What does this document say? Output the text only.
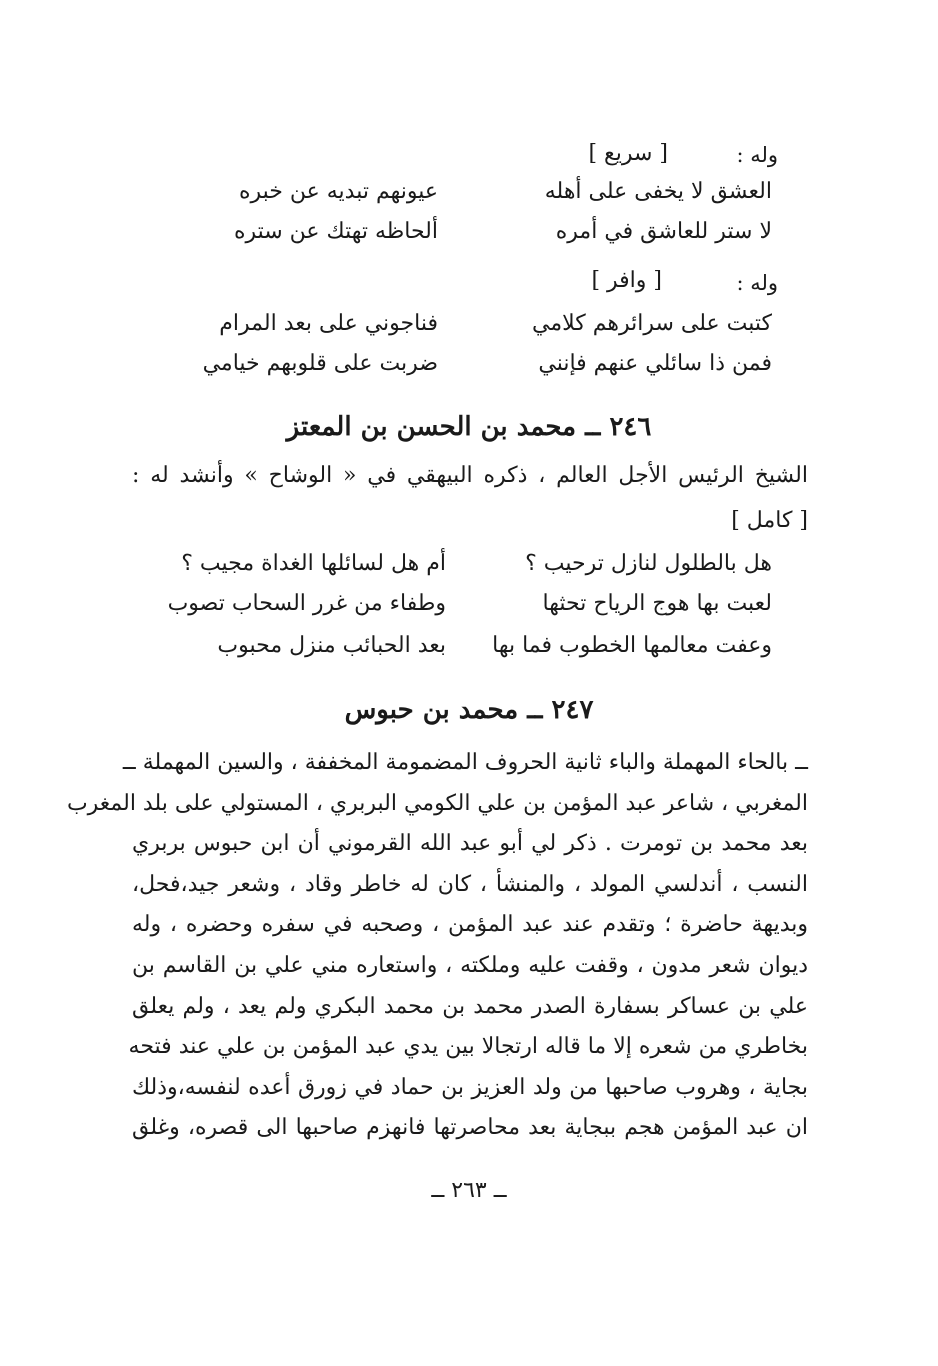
وله :
[ سريع ]
العشق لا يخفى على أهله
عيونهم تبديه عن خبره
لا ستر للعاشق في أمره
ألحاظه تهتك عن ستره
وله :
[ وافر ]
كتبت على سرائرهم كلامي
فناجوني على بعد المرام
فمن ذا سائلي عنهم فإنني
ضربت على قلوبهم خيامي
٢٤٦ ــ محمد بن الحسن بن المعتز
الشيخ الرئيس الأجل العالم ، ذكره البيهقي في « الوشاح » وأنشد له :
[ كامل ]
هل بالطلول لنازل ترحيب ؟
أم هل لسائلها الغداة مجيب ؟
لعبت بها هوج الرياح تحثها
وطفاء من غرر السحاب تصوب
وعفت معالمها الخطوب فما بها
بعد الحبائب منزل محبوب
٢٤٧ ــ محمد بن حبوس
ــ بالحاء المهملة والباء ثانية الحروف المضمومة المخففة ، والسين المهملة ــ
المغربي ، شاعر عبد المؤمن بن علي الكومي البربري ، المستولي على بلد المغرب
بعد محمد بن تومرت . ذكر لي أبو عبد الله القرموني أن ابن حبوس بربري
النسب ، أندلسي المولد ، والمنشأ ، كان له خاطر وقاد ، وشعر جيد،فحل،
وبديهة حاضرة ؛ وتقدم عند عبد المؤمن ، وصحبه في سفره وحضره ، وله
ديوان شعر مدون ، وقفت عليه وملكته ، واستعاره مني علي بن القاسم بن
علي بن عساكر بسفارة الصدر محمد بن محمد البكري ولم يعد ، ولم يعلق
بخاطري من شعره إلا ما قاله ارتجالا بين يدي عبد المؤمن بن علي عند فتحه
بجاية ، وهروب صاحبها من ولد العزيز بن حماد في زورق أعده لنفسه،وذلك
ان عبد المؤمن هجم ببجاية بعد محاصرتها فانهزم صاحبها الى قصره، وغلق
ــ ٢٦٣ ــ
